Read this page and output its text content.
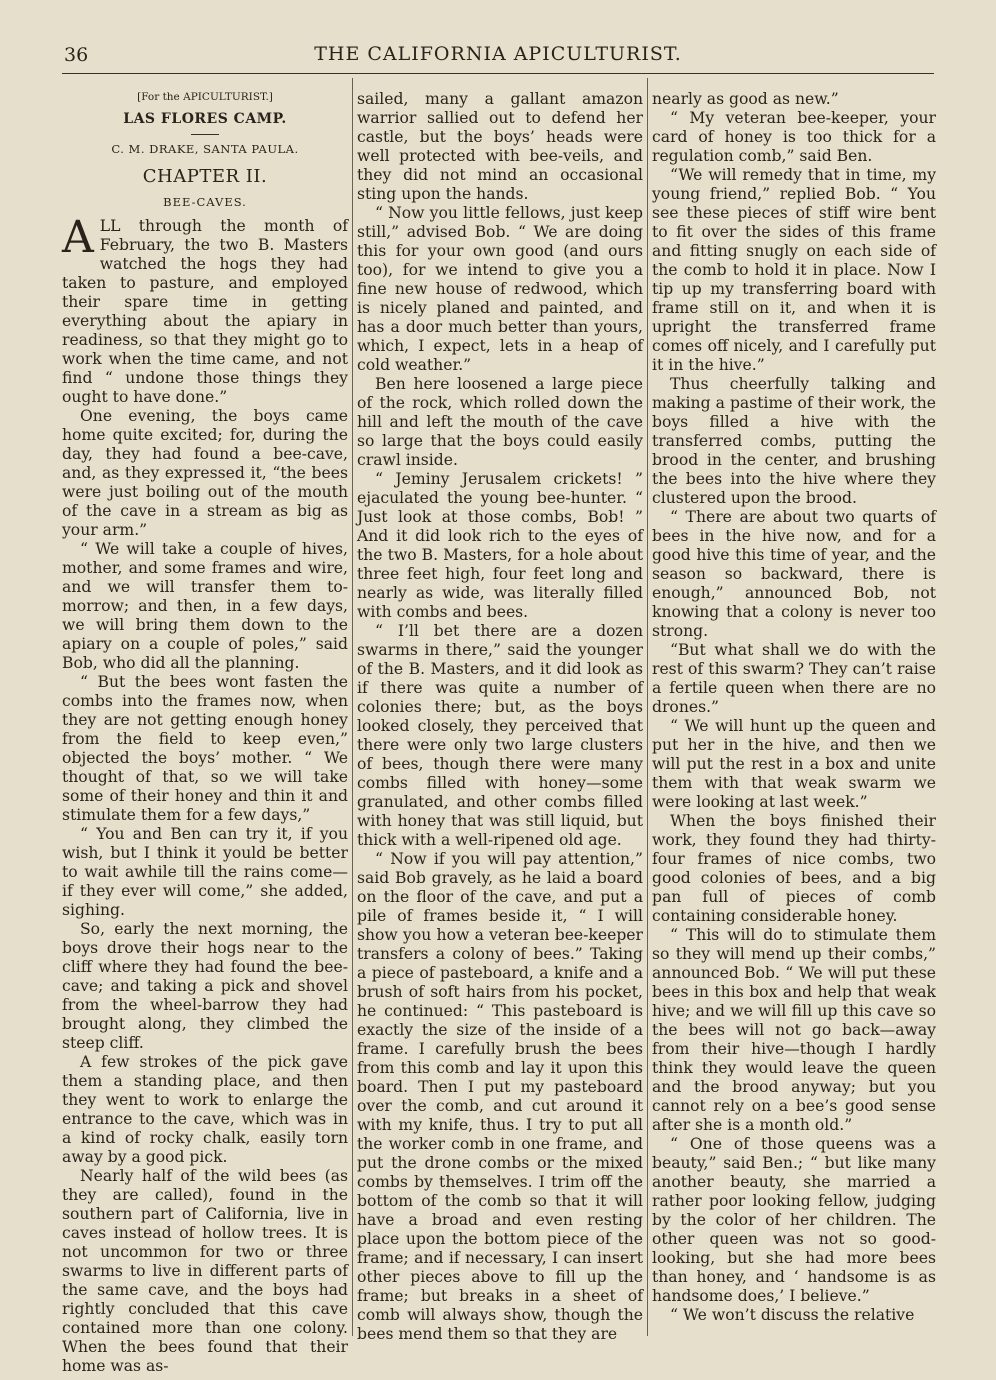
36	THE CALIFORNIA APICULTURIST.
[For the APICULTURIST.]
LAS FLORES CAMP.
C. M. DRAKE, SANTA PAULA.
CHAPTER II.
BEE-CAVES.

ALL through the month of February, the two B. Masters watched the hogs they had taken to pasture, and employed their spare time in getting everything about the apiary in readiness, so that they might go to work when the time came, and not find “ undone those things they ought to have done.”

One evening, the boys came home quite excited; for, during the day, they had found a bee-cave, and, as they expressed it, “the bees were just boiling out of the mouth of the cave in a stream as big as your arm.”

“ We will take a couple of hives, mother, and some frames and wire, and we will transfer them to-morrow; and then, in a few days, we will bring them down to the apiary on a couple of poles,” said Bob, who did all the planning.

“ But the bees wont fasten the combs into the frames now, when they are not getting enough honey from the field to keep even,” objected the boys’ mother. “ We thought of that, so we will take some of their honey and thin it and stimulate them for a few days,”

“ You and Ben can try it, if you wish, but I think it yould be better to wait awhile till the rains come—if they ever will come,” she added, sighing.

So, early the next morning, the boys drove their hogs near to the cliff where they had found the bee-cave; and taking a pick and shovel from the wheel-barrow they had brought along, they climbed the steep cliff.

A few strokes of the pick gave them a standing place, and then they went to work to enlarge the entrance to the cave, which was in a kind of rocky chalk, easily torn away by a good pick.

Nearly half of the wild bees (as they are called), found in the southern part of California, live in caves instead of hollow trees. It is not uncommon for two or three swarms to live in different parts of the same cave, and the boys had rightly concluded that this cave contained more than one colony. When the bees found that their home was as-

sailed, many a gallant amazon warrior sallied out to defend her castle, but the boys’ heads were well protected with bee-veils, and they did not mind an occasional sting upon the hands.

“ Now you little fellows, just keep still,” advised Bob. “ We are doing this for your own good (and ours too), for we intend to give you a fine new house of redwood, which is nicely planed and painted, and has a door much better than yours, which, I expect, lets in a heap of cold weather.”

Ben here loosened a large piece of the rock, which rolled down the hill and left the mouth of the cave so large that the boys could easily crawl inside.

“ Jeminy Jerusalem crickets! ” ejaculated the young bee-hunter. “ Just look at those combs, Bob! ” And it did look rich to the eyes of the two B. Masters, for a hole about three feet high, four feet long and nearly as wide, was literally filled with combs and bees.

“ I’ll bet there are a dozen swarms in there,” said the younger of the B. Masters, and it did look as if there was quite a number of colonies there; but, as the boys looked closely, they perceived that there were only two large clusters of bees, though there were many combs filled with honey—some granulated, and other combs filled with honey that was still liquid, but thick with a well-ripened old age.

“ Now if you will pay attention,” said Bob gravely, as he laid a board on the floor of the cave, and put a pile of frames beside it, “ I will show you how a veteran bee-keeper transfers a colony of bees.” Taking a piece of pasteboard, a knife and a brush of soft hairs from his pocket, he continued: “ This pasteboard is exactly the size of the inside of a frame. I carefully brush the bees from this comb and lay it upon this board. Then I put my pasteboard over the comb, and cut around it with my knife, thus. I try to put all the worker comb in one frame, and put the drone combs or the mixed combs by themselves. I trim off the bottom of the comb so that it will have a broad and even resting place upon the bottom piece of the frame; and if necessary, I can insert other pieces above to fill up the frame; but breaks in a sheet of comb will always show, though the bees mend them so that they are

nearly as good as new.”

“ My veteran bee-keeper, your card of honey is too thick for a regulation comb,” said Ben.

“We will remedy that in time, my young friend,” replied Bob. “ You see these pieces of stiff wire bent to fit over the sides of this frame and fitting snugly on each side of the comb to hold it in place. Now I tip up my transferring board with frame still on it, and when it is upright the transferred frame comes off nicely, and I carefully put it in the hive.”

Thus cheerfully talking and making a pastime of their work, the boys filled a hive with the transferred combs, putting the brood in the center, and brushing the bees into the hive where they clustered upon the brood.

“ There are about two quarts of bees in the hive now, and for a good hive this time of year, and the season so backward, there is enough,” announced Bob, not knowing that a colony is never too strong.

“But what shall we do with the rest of this swarm? They can’t raise a fertile queen when there are no drones.”

“ We will hunt up the queen and put her in the hive, and then we will put the rest in a box and unite them with that weak swarm we were looking at last week.”

When the boys finished their work, they found they had thirty-four frames of nice combs, two good colonies of bees, and a big pan full of pieces of comb containing considerable honey.

“ This will do to stimulate them so they will mend up their combs,” announced Bob. “ We will put these bees in this box and help that weak hive; and we will fill up this cave so the bees will not go back—away from their hive—though I hardly think they would leave the queen and the brood anyway; but you cannot rely on a bee’s good sense after she is a month old.”

“ One of those queens was a beauty,” said Ben.; “ but like many another beauty, she married a rather poor looking fellow, judging by the color of her children. The other queen was not so good-looking, but she had more bees than honey, and ‘ handsome is as handsome does,’ I believe.”

“ We won’t discuss the relative
